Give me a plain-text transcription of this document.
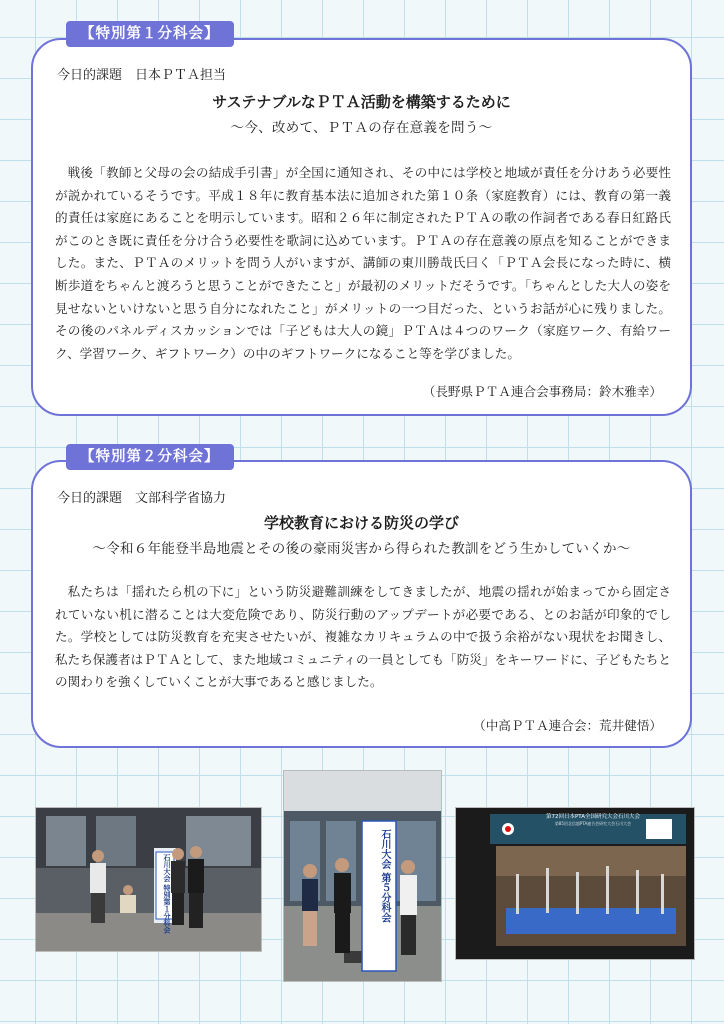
【特別第１分科会】
今日的課題　日本ＰＴＡ担当
サステナブルなＰＴＡ活動を構築するために
～今、改めて、ＰＴＡの存在意義を問う～

戦後「教師と父母の会の結成手引書」が全国に通知され、その中には学校と地域が責任を分けあう必要性が説かれているそうです。平成１８年に教育基本法に追加された第１０条（家庭教育）には、教育の第一義的責任は家庭にあることを明示しています。昭和２６年に制定されたＰＴＡの歌の作詞者である春日紅路氏がこのとき既に責任を分け合う必要性を歌詞に込めています。ＰＴＡの存在意義の原点を知ることができました。また、ＰＴＡのメリットを問う人がいますが、講師の東川勝哉氏曰く「ＰＴＡ会長になった時に、横断歩道をちゃんと渡ろうと思うことができたこと」が最初のメリットだそうです。「ちゃんとした大人の姿を見せないといけないと思う自分になれたこと」がメリットの一つ目だった、というお話が心に残りました。その後のパネルディスカッションでは「子どもは大人の鏡」ＰＴＡは４つのワーク（家庭ワーク、有給ワーク、学習ワーク、ギフトワーク）の中のギフトワークになること等を学びました。

（長野県ＰＴＡ連合会事務局：鈴木雅幸）
【特別第２分科会】
今日的課題　文部科学省協力
学校教育における防災の学び
～令和６年能登半島地震とその後の豪雨災害から得られた教訓をどう生かしていくか～

私たちは「揺れたら机の下に」という防災避難訓練をしてきましたが、地震の揺れが始まってから固定されていない机に潜ることは大変危険であり、防災行動のアップデートが必要である、とのお話が印象的でした。学校としては防災教育を充実させたいが、複雑なカリキュラムの中で扱う余裕がない現状をお聞きし、私たち保護者はＰＴＡとして、また地域コミュニティの一員としても「防災」をキーワードに、子どもたちとの関わりを強くしていくことが大事であると感じました。

（中高ＰＴＡ連合会：荒井健悟）
石川大会 特別第１分科会	石川大会 第５分科会
第72回日本PTA全国研究大会石川大会
第85回北信越PTA連合会研究大会石川大会
